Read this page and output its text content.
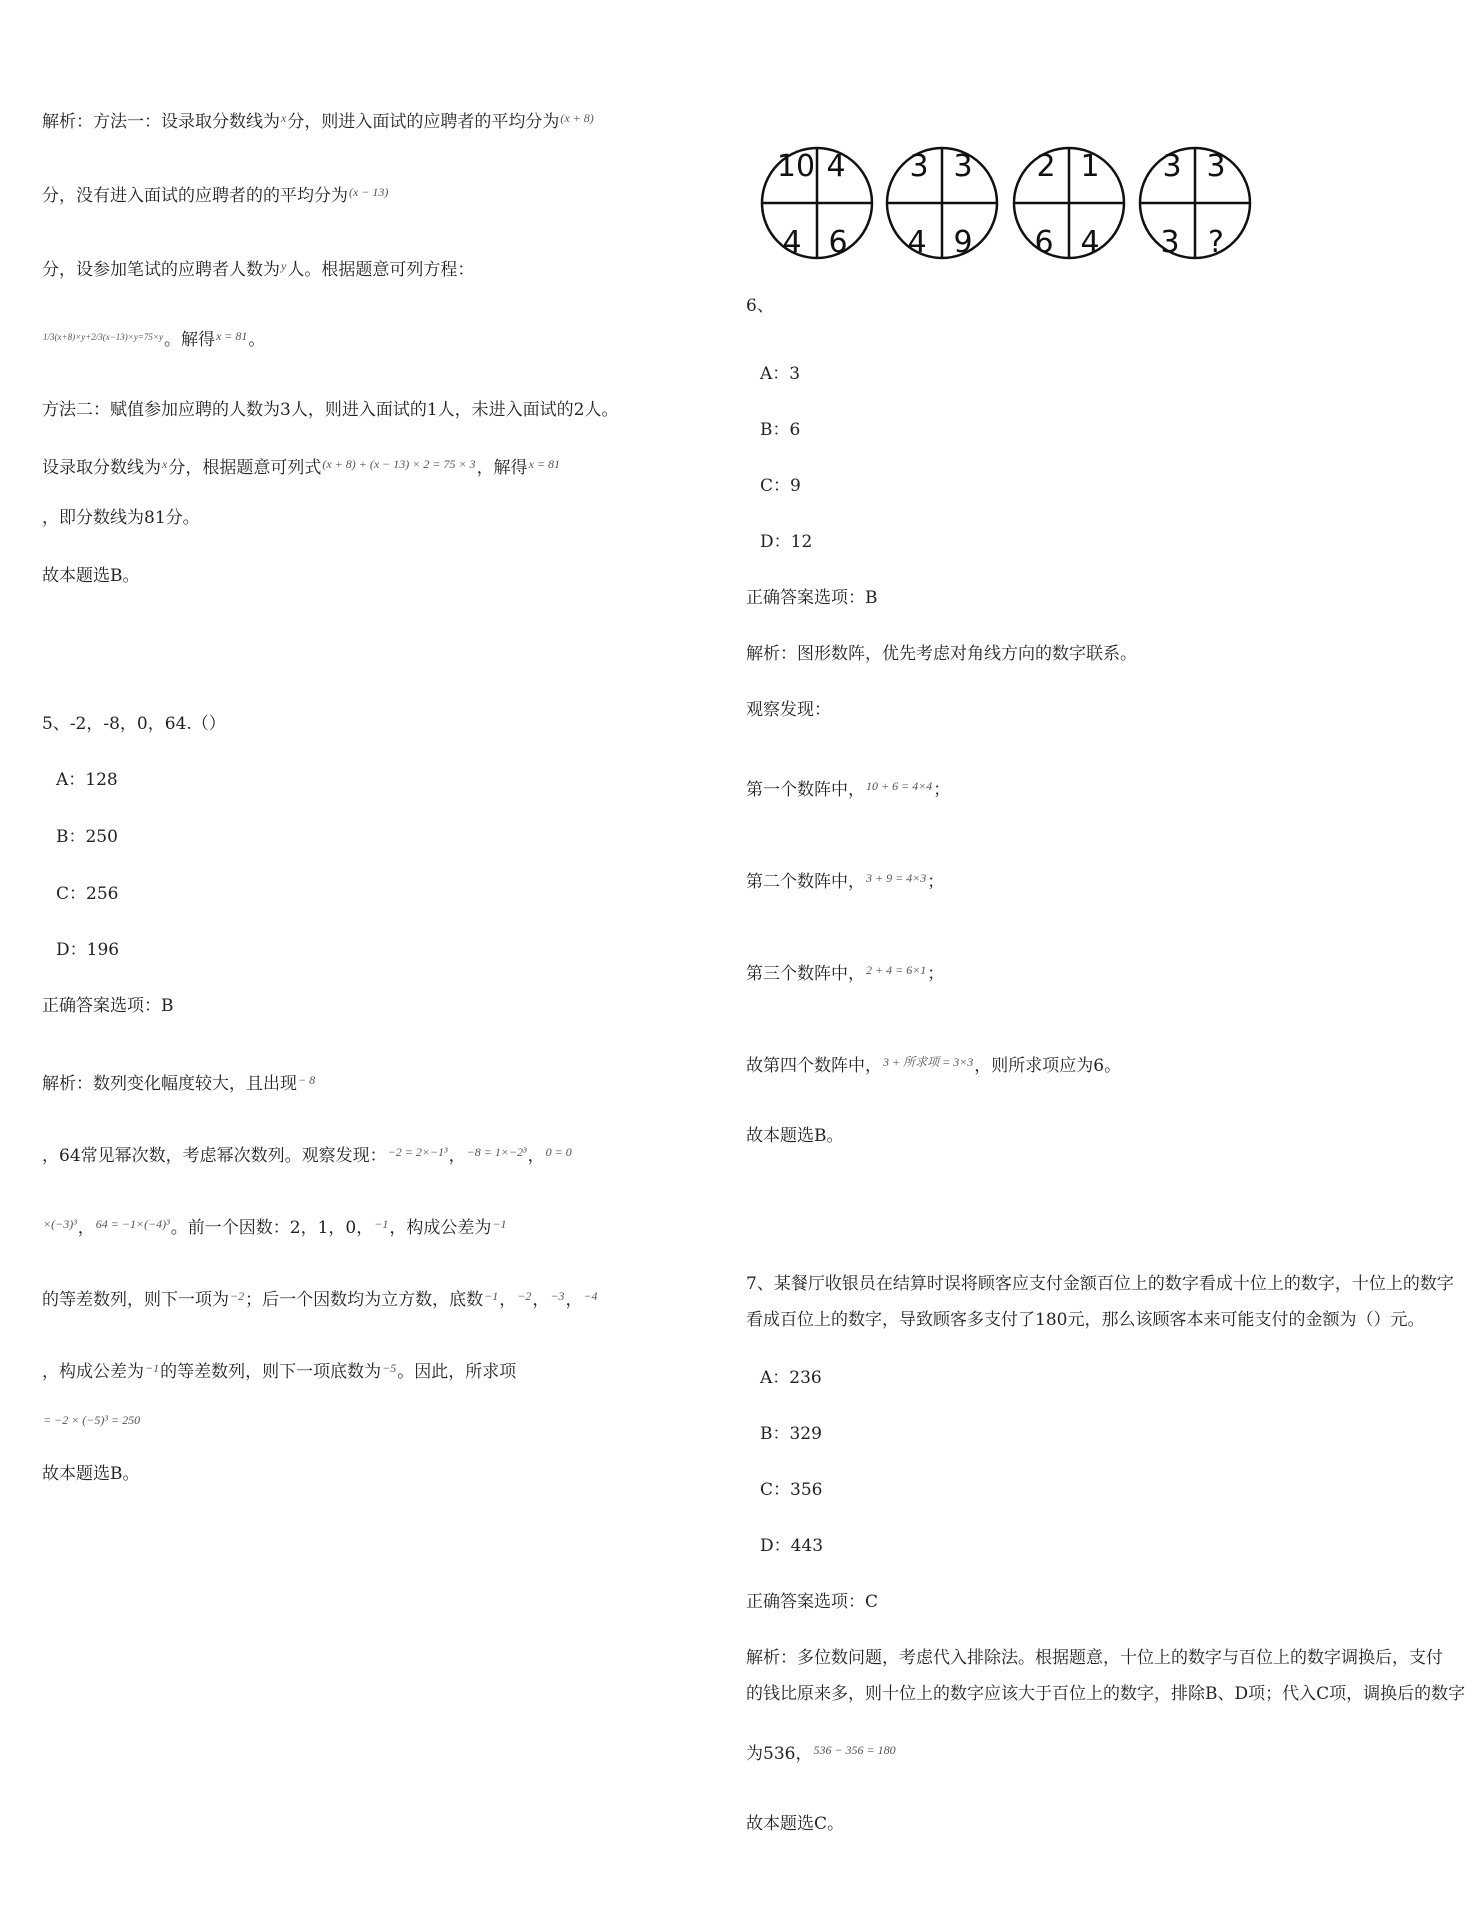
解析：方法一：设录取分数线为$^x$分，则进入面试的应聘者的平均分为$^{(x + 8)}$
分，没有进入面试的应聘者的的平均分为$^{(x - 13)}$
分，设参加笔试的应聘者人数为$^y$人。根据题意可列方程：
$^{1/3(x+8)\times y+2/3(x-13)\times y=75\times y}$。解得$^{x = 81}$。
方法二：赋值参加应聘的人数为3人，则进入面试的1人，未进入面试的2人。
设录取分数线为$^x$分，根据题意可列式$^{(x + 8) + (x - 13) \times 2 = 75 \times 3}$，解得$^{x = 81}$
，即分数线为81分。
故本题选B。
5、-2，-8，0，64.（）
A：128
B：250
C：256
D：196
正确答案选项：B
解析：数列变化幅度较大，且出现$^{- 8}$
，64常见幂次数，考虑幂次数列。观察发现：$^{-2 = 2\times-1^3}$，$^{-8 = 1\times-2^3}$，$^{0 = 0}$
$^{\times(-3)^3}$，$^{64 = -1\times(-4)^3}$。前一个因数：2，1，0，$^{-1}$，构成公差为$^{-1}$
的等差数列，则下一项为$^{-2}$；后一个因数均为立方数，底数$^{-1}$，$^{-2}$，$^{-3}$，$^{-4}$
，构成公差为$^{-1}$的等差数列，则下一项底数为$^{-5}$。因此，所求项
$^{= -2 \times (-5)^3 = 250}$
故本题选B。
10 4
4 6
3 3
4 9
2 1
6 4
3 3
3 ?
6、
A：3
B：6
C：9
D：12
正确答案选项：B
解析：图形数阵，优先考虑对角线方向的数字联系。
观察发现：
第一个数阵中，$^{10 + 6 = 4\times 4}$；
第二个数阵中，$^{3 + 9 = 4\times 3}$；
第三个数阵中，$^{2 + 4 = 6\times 1}$；
故第四个数阵中，$^{3 + 所求项 = 3\times 3}$，则所求项应为6。
故本题选B。
7、某餐厅收银员在结算时误将顾客应支付金额百位上的数字看成十位上的数字，十位上的数字
看成百位上的数字，导致顾客多支付了180元，那么该顾客本来可能支付的金额为（）元。
A：236
B：329
C：356
D：443
正确答案选项：C
解析：多位数问题，考虑代入排除法。根据题意，十位上的数字与百位上的数字调换后，支付
的钱比原来多，则十位上的数字应该大于百位上的数字，排除B、D项；代入C项，调换后的数字
为536，$^{536 - 356 = 180}$
故本题选C。
